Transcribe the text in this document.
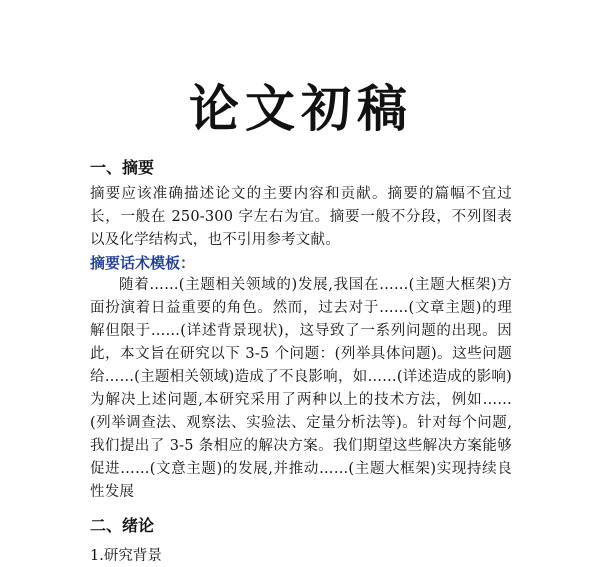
论文初稿
一、摘要

摘要应该准确描述论文的主要内容和贡献。摘要的篇幅不宜过长，一般在 250-300 字左右为宜。摘要一般不分段，不列图表以及化学结构式，也不引用参考文献。

摘要话术模板：

随着……(主题相关领域的)发展,我国在……(主题大框架)方面扮演着日益重要的角色。然而，过去对于……(文章主题)的理解但限于……(详述背景现状)，这导致了一系列问题的出现。因此，本文旨在研究以下 3-5 个问题：(列举具体问题)。这些问题给……(主题相关领域)造成了不良影响，如……(详述造成的影响)为解决上述问题,本研究采用了两种以上的技术方法，例如……(列举调查法、观察法、实验法、定量分析法等)。针对每个问题,我们提出了 3-5 条相应的解决方案。我们期望这些解决方案能够促进……(文意主题)的发展,并推动……(主题大框架)实现持续良性发展

二、绪论

1.研究背景
